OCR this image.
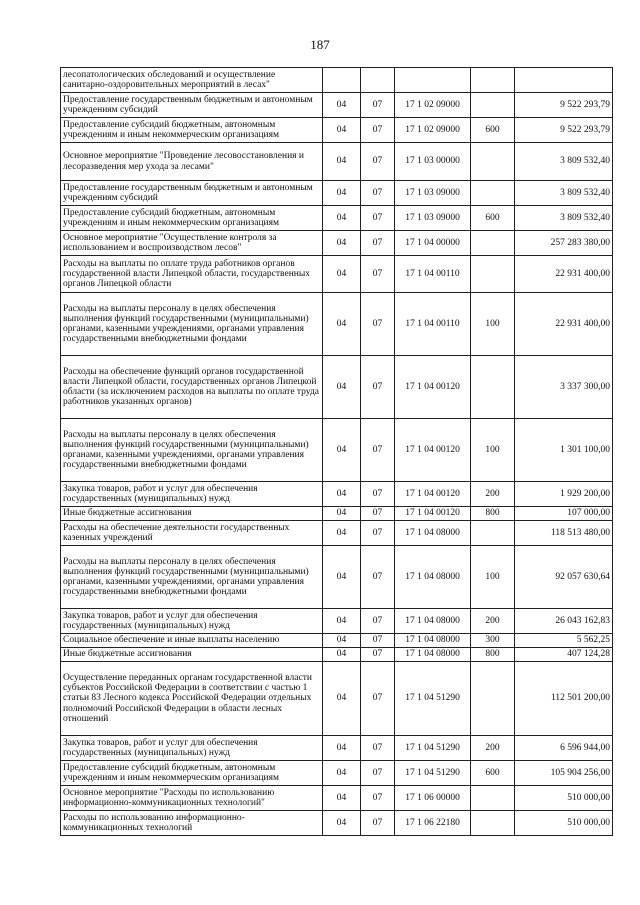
187
лесопатологических обследований и осуществление санитарно-оздоровительных мероприятий в лесах"					
Предоставление государственным бюджетным и автономным учреждениям субсидий	04	07	17 1 02 09000		9 522 293,79
Предоставление субсидий бюджетным, автономным учреждениям и иным некоммерческим организациям	04	07	17 1 02 09000	600	9 522 293,79
Основное мероприятие "Проведение лесовосстановления и лесоразведения мер ухода за лесами"	04	07	17 1 03 00000		3 809 532,40
Предоставление государственным бюджетным и автономным учреждениям субсидий	04	07	17 1 03 09000		3 809 532,40
Предоставление субсидий бюджетным, автономным учреждениям и иным некоммерческим организациям	04	07	17 1 03 09000	600	3 809 532,40
Основное мероприятие "Осуществление контроля за использованием и воспроизводством лесов"	04	07	17 1 04 00000		257 283 380,00
Расходы на выплаты по оплате труда работников органов государственной власти Липецкой области, государственных органов Липецкой области	04	07	17 1 04 00110		22 931 400,00
Расходы на выплаты персоналу в целях обеспечения выполнения функций государственными (муниципальными) органами, казенными учреждениями, органами управления государственными внебюджетными фондами	04	07	17 1 04 00110	100	22 931 400,00
Расходы на обеспечение функций органов государственной власти Липецкой области, государственных органов Липецкой области (за исключением расходов на выплаты по оплате труда работников указанных органов)	04	07	17 1 04 00120		3 337 300,00
Расходы на выплаты персоналу в целях обеспечения выполнения функций государственными (муниципальными) органами, казенными учреждениями, органами управления государственными внебюджетными фондами	04	07	17 1 04 00120	100	1 301 100,00
Закупка товаров, работ и услуг для обеспечения государственных (муниципальных) нужд	04	07	17 1 04 00120	200	1 929 200,00
Иные бюджетные ассигнования	04	07	17 1 04 00120	800	107 000,00
Расходы на обеспечение деятельности государственных казенных учреждений	04	07	17 1 04 08000		118 513 480,00
Расходы на выплаты персоналу в целях обеспечения выполнения функций государственными (муниципальными) органами, казенными учреждениями, органами управления государственными внебюджетными фондами	04	07	17 1 04 08000	100	92 057 630,64
Закупка товаров, работ и услуг для обеспечения государственных (муниципальных) нужд	04	07	17 1 04 08000	200	26 043 162,83
Социальное обеспечение и иные выплаты населению	04	07	17 1 04 08000	300	5 562,25
Иные бюджетные ассигнования	04	07	17 1 04 08000	800	407 124,28
Осуществление переданных органам государственной власти субъектов Российской Федерации в соответствии с частью 1 статьи 83 Лесного кодекса Российской Федерации отдельных полномочий Российской Федерации в области лесных отношений	04	07	17 1 04 51290		112 501 200,00
Закупка товаров, работ и услуг для обеспечения государственных (муниципальных) нужд	04	07	17 1 04 51290	200	6 596 944,00
Предоставление субсидий бюджетным, автономным учреждениям и иным некоммерческим организациям	04	07	17 1 04 51290	600	105 904 256,00
Основное мероприятие "Расходы по использованию информационно-коммуникационных технологий"	04	07	17 1 06 00000		510 000,00
Расходы по использованию информационно-коммуникационных технологий	04	07	17 1 06 22180		510 000,00
